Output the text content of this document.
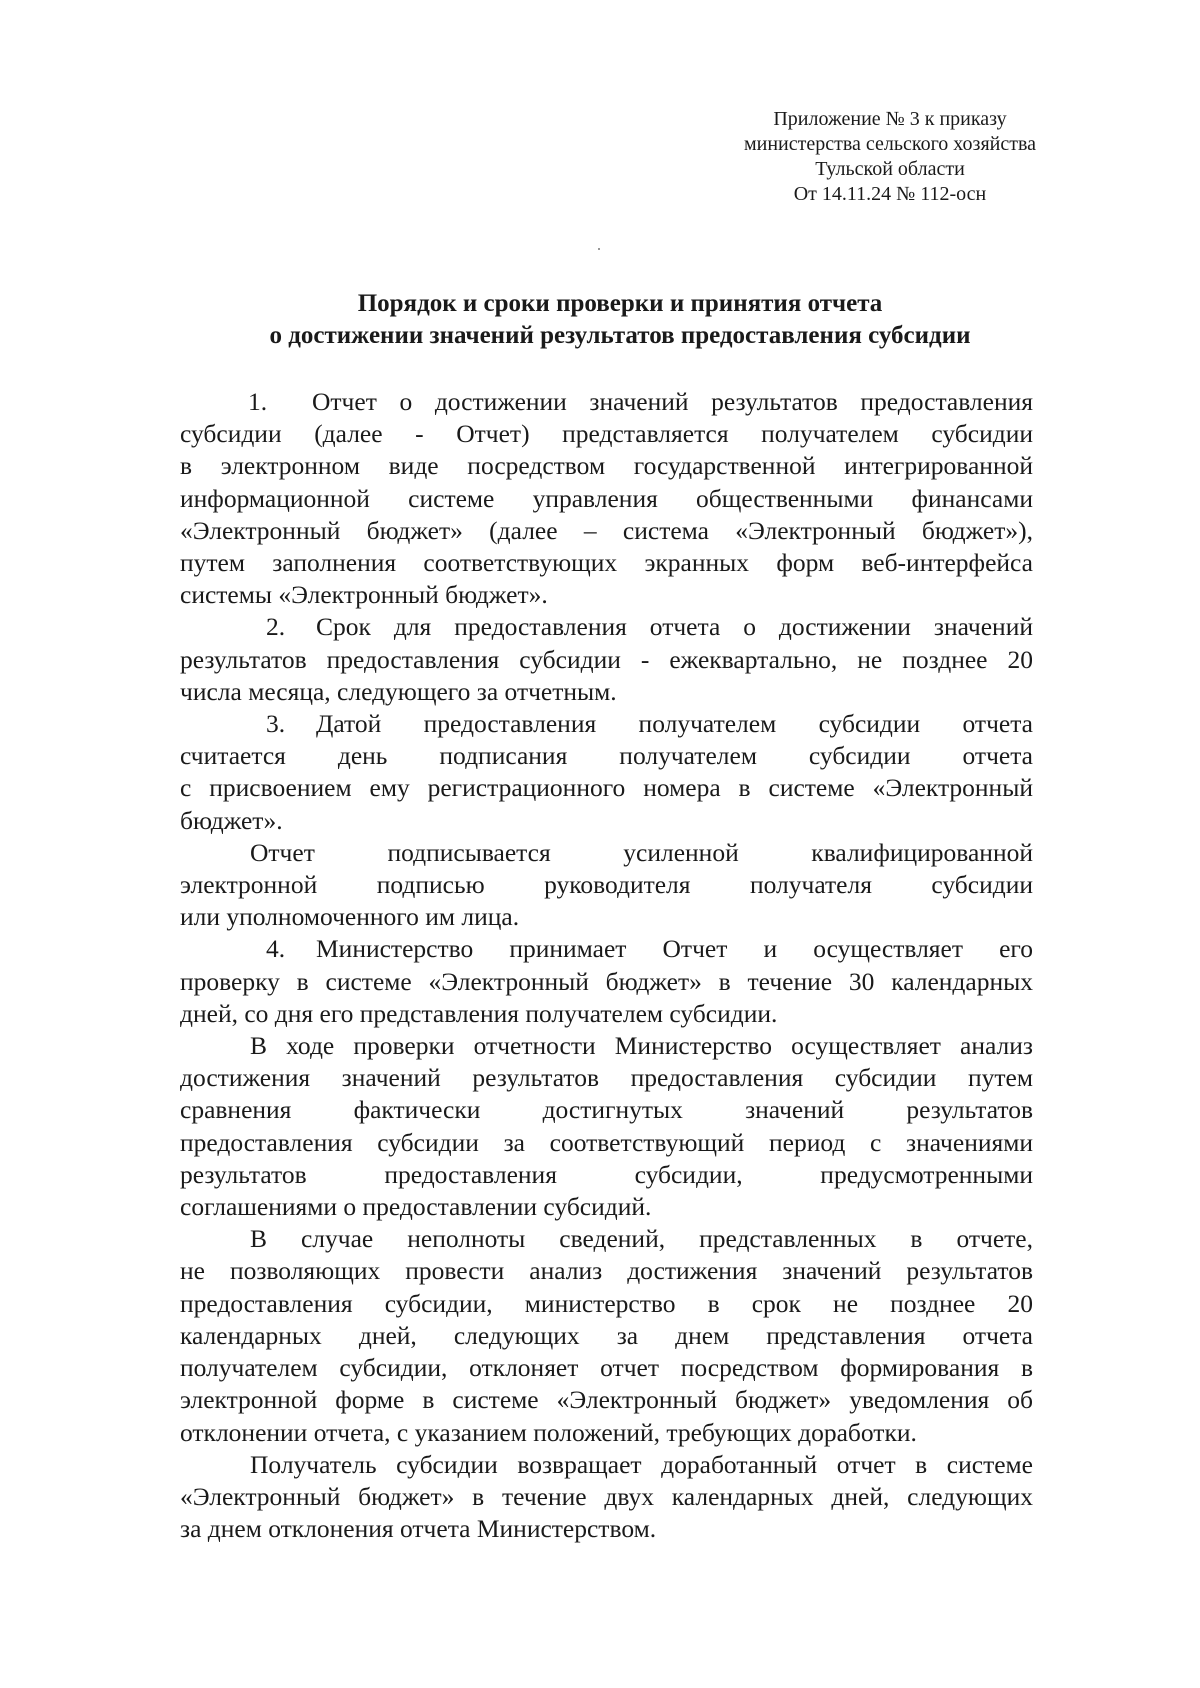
Приложение № 3 к приказу
министерства сельского хозяйства
Тульской области
От 14.11.24 № 112-осн
Порядок и сроки проверки и принятия отчета
о достижении значений результатов предоставления субсидии
1. Отчет о достижении значений результатов предоставления
субсидии (далее - Отчет) представляется получателем субсидии
в электронном виде посредством государственной интегрированной
информационной системе управления общественными финансами
«Электронный бюджет» (далее – система «Электронный бюджет»),
путем заполнения соответствующих экранных форм веб-интерфейса
системы «Электронный бюджет».
2. Срок для предоставления отчета о достижении значений
результатов предоставления субсидии - ежеквартально, не позднее 20
числа месяца, следующего за отчетным.
3. Датой предоставления получателем субсидии отчета
считается день подписания получателем субсидии отчета
с присвоением ему регистрационного номера в системе «Электронный
бюджет».
Отчет подписывается усиленной квалифицированной
электронной подписью руководителя получателя субсидии
или уполномоченного им лица.
4. Министерство принимает Отчет и осуществляет его
проверку в системе «Электронный бюджет» в течение 30 календарных
дней, со дня его представления получателем субсидии.
В ходе проверки отчетности Министерство осуществляет анализ
достижения значений результатов предоставления субсидии путем
сравнения фактически достигнутых значений результатов
предоставления субсидии за соответствующий период с значениями
результатов предоставления субсидии, предусмотренными
соглашениями о предоставлении субсидий.
В случае неполноты сведений, представленных в отчете,
не позволяющих провести анализ достижения значений результатов
предоставления субсидии, министерство в срок не позднее 20
календарных дней, следующих за днем представления отчета
получателем субсидии, отклоняет отчет посредством формирования в
электронной форме в системе «Электронный бюджет» уведомления об
отклонении отчета, с указанием положений, требующих доработки.
Получатель субсидии возвращает доработанный отчет в системе
«Электронный бюджет» в течение двух календарных дней, следующих
за днем отклонения отчета Министерством.
